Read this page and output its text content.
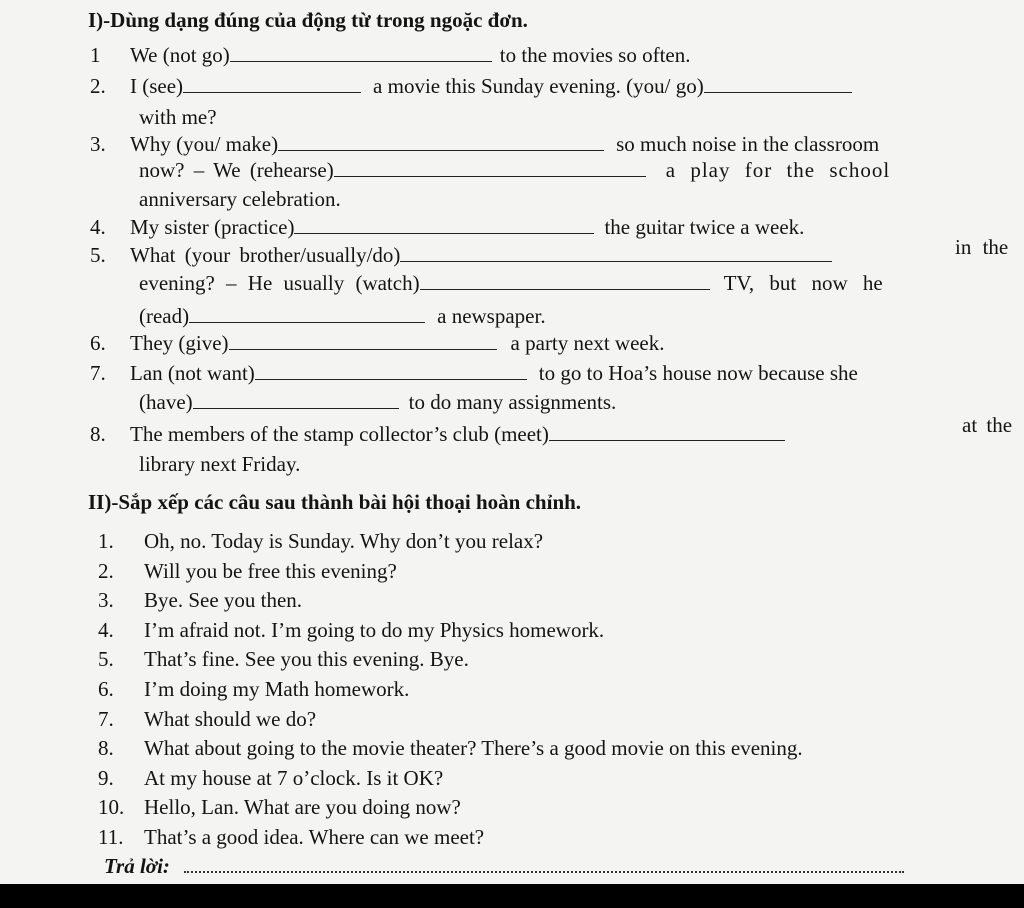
I)-Dùng dạng đúng của động từ trong ngoặc đơn.
1 We (not go)	to the movies so often.
2. I (see)	a movie this Sunday evening. (you/ go)
with me?
3. Why (you/ make)	so much noise in the classroom
now? – We (rehearse)	a play for the school
anniversary celebration.
4. My sister (practice)	the guitar twice a week.
5. What (your brother/usually/do)	in the
evening? – He usually (watch)	TV, but now he
(read)	a newspaper.
6. They (give)	a party next week.
7. Lan (not want)	to go to Hoa’s house now because she
(have)	to do many assignments.
8. The members of the stamp collector’s club (meet)	at the
library next Friday.
II)-Sắp xếp các câu sau thành bài hội thoại hoàn chỉnh.
1. Oh, no. Today is Sunday. Why don’t you relax?
2. Will you be free this evening?
3. Bye. See you then.
4. I’m afraid not. I’m going to do my Physics homework.
5. That’s fine. See you this evening. Bye.
6. I’m doing my Math homework.
7. What should we do?
8. What about going to the movie theater? There’s a good movie on this evening.
9. At my house at 7 o’clock. Is it OK?
10. Hello, Lan. What are you doing now?
11. That’s a good idea. Where can we meet?
Trả lời:
